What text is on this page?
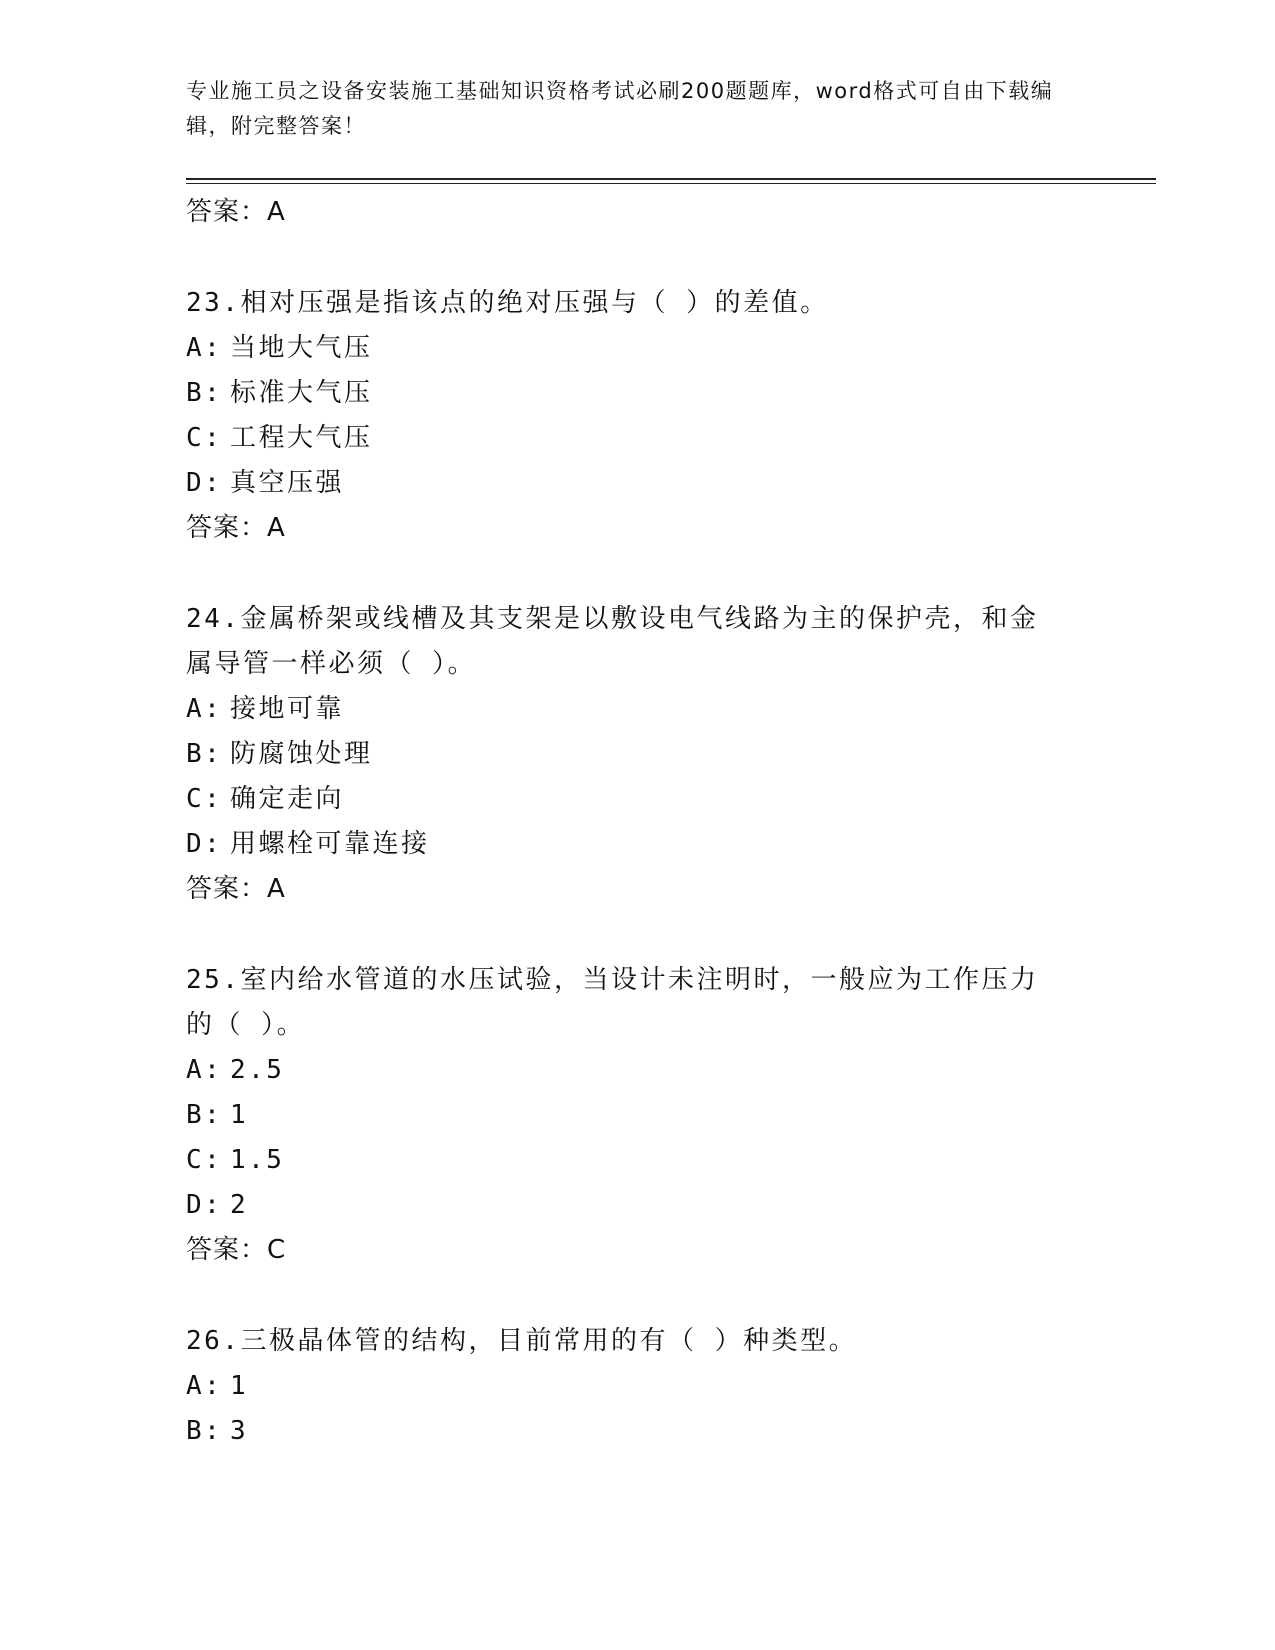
专业施工员之设备安装施工基础知识资格考试必刷200题题库，word格式可自由下载编辑，附完整答案！
答案：A
23.相对压强是指该点的绝对压强与（ ）的差值。
A: 当地大气压
B: 标准大气压
C: 工程大气压
D: 真空压强
答案：A
24.金属桥架或线槽及其支架是以敷设电气线路为主的保护壳，和金属导管一样必须（ ）。
A: 接地可靠
B: 防腐蚀处理
C: 确定走向
D: 用螺栓可靠连接
答案：A
25.室内给水管道的水压试验，当设计未注明时，一般应为工作压力的（ ）。
A: 2.5
B: 1
C: 1.5
D: 2
答案：C
26.三极晶体管的结构，目前常用的有（ ）种类型。
A: 1
B: 3
